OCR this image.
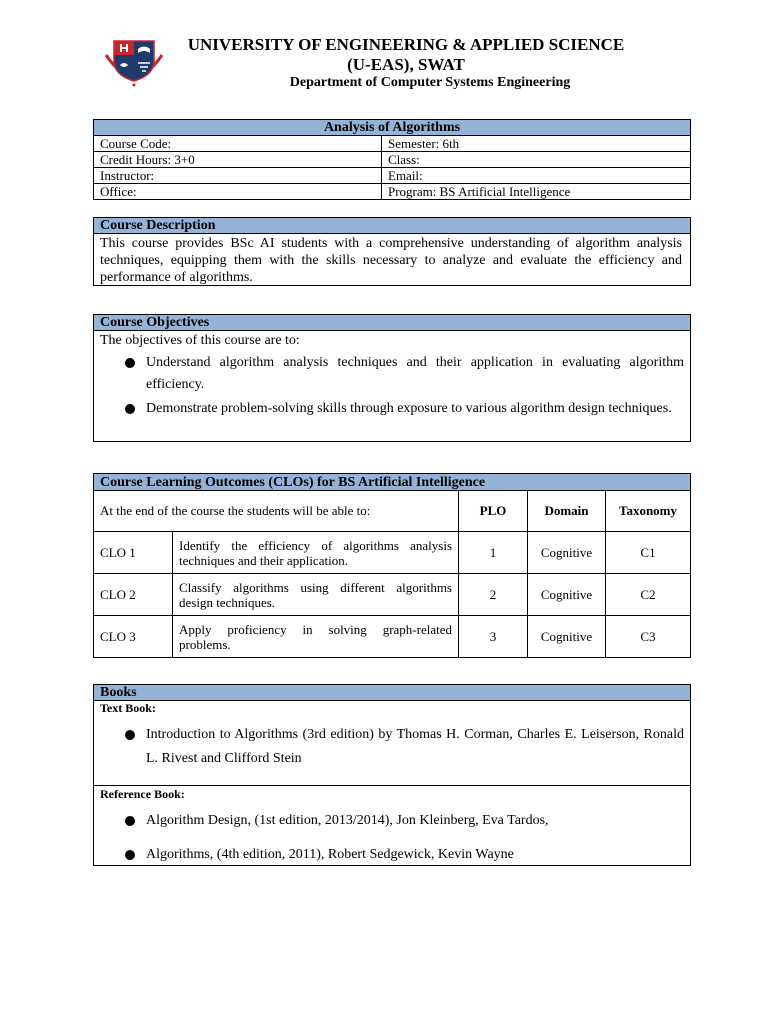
UNIVERSITY OF ENGINEERING & APPLIED SCIENCE
(U-EAS), SWAT
Department of Computer Systems Engineering
Analysis of Algorithms	
Course Code:	Semester: 6th
Credit Hours: 3+0	Class:
Instructor:	Email:
Office:	Program: BS Artificial Intelligence
Course Description
This course provides BSc AI students with a comprehensive understanding of algorithm analysis techniques, equipping them with the skills necessary to analyze and evaluate the efficiency and performance of algorithms.
Course Objectives
The objectives of this course are to:
Understand algorithm analysis techniques and their application in evaluating algorithm efficiency.
Demonstrate problem-solving skills through exposure to various algorithm design techniques.
Course Learning Outcomes (CLOs) for BS Artificial Intelligence				
At the end of the course the students will be able to:		PLO	Domain	Taxonomy
CLO 1	Identify the efficiency of algorithms analysis techniques and their application.	1	Cognitive	C1
CLO 2	Classify algorithms using different algorithms design techniques.	2	Cognitive	C2
CLO 3	Apply proficiency in solving graph-related problems.	3	Cognitive	C3
Books
Text Book:
Introduction to Algorithms (3rd edition) by Thomas H. Corman, Charles E. Leiserson, Ronald L. Rivest and Clifford Stein
Reference Book:
Algorithm Design, (1st edition, 2013/2014), Jon Kleinberg, Eva Tardos,
Algorithms, (4th edition, 2011), Robert Sedgewick, Kevin Wayne
